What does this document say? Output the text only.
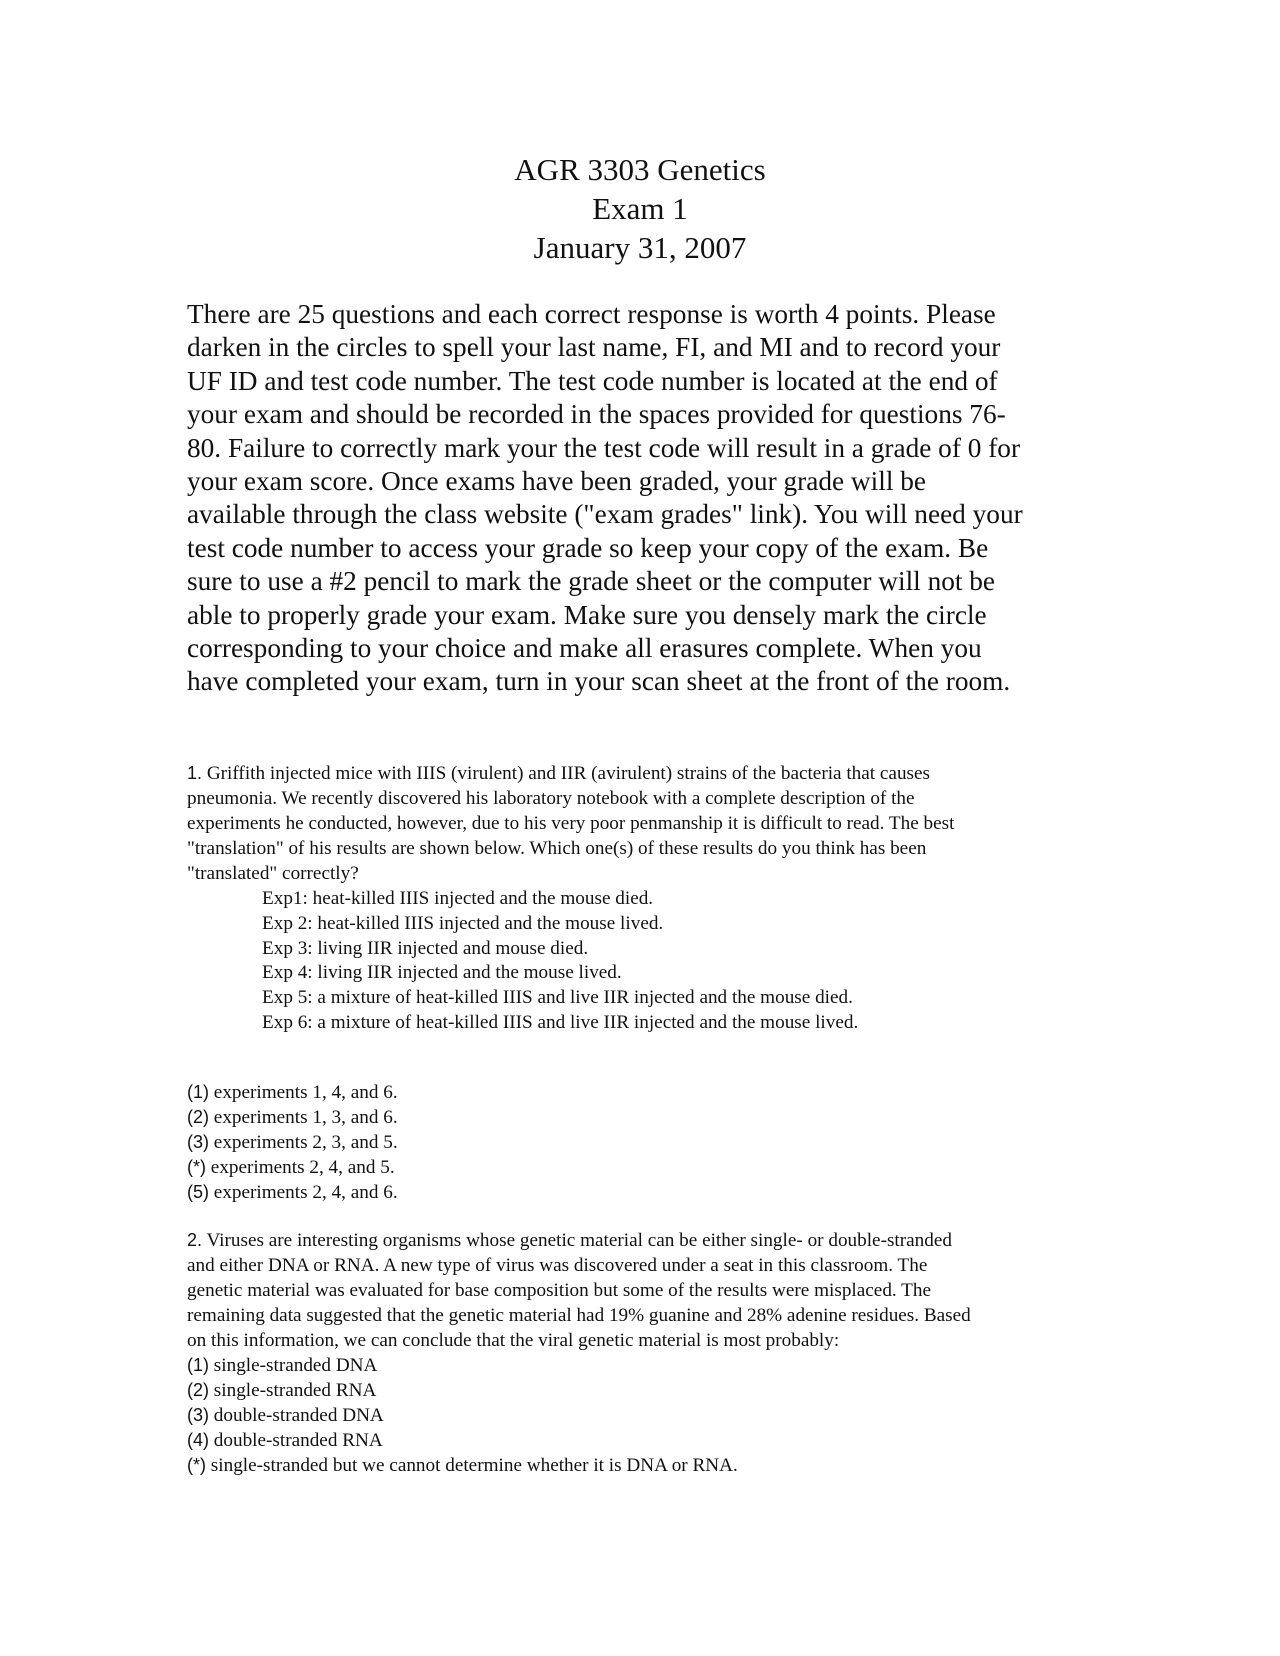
AGR 3303 Genetics
Exam 1
January 31, 2007
There are 25 questions and each correct response is worth 4 points. Please
darken in the circles to spell your last name, FI, and MI and to record your
UF ID and test code number. The test code number is located at the end of
your exam and should be recorded in the spaces provided for questions 76-
80. Failure to correctly mark your the test code will result in a grade of 0 for
your exam score. Once exams have been graded, your grade will be
available through the class website ("exam grades" link). You will need your
test code number to access your grade so keep your copy of the exam. Be
sure to use a #2 pencil to mark the grade sheet or the computer will not be
able to properly grade your exam. Make sure you densely mark the circle
corresponding to your choice and make all erasures complete. When you
have completed your exam, turn in your scan sheet at the front of the room.
1. Griffith injected mice with IIIS (virulent) and IIR (avirulent) strains of the bacteria that causes
pneumonia. We recently discovered his laboratory notebook with a complete description of the
experiments he conducted, however, due to his very poor penmanship it is difficult to read. The best
"translation" of his results are shown below. Which one(s) of these results do you think has been
"translated" correctly?
Exp1: heat-killed IIIS injected and the mouse died.
Exp 2: heat-killed IIIS injected and the mouse lived.
Exp 3: living IIR injected and mouse died.
Exp 4: living IIR injected and the mouse lived.
Exp 5: a mixture of heat-killed IIIS and live IIR injected and the mouse died.
Exp 6: a mixture of heat-killed IIIS and live IIR injected and the mouse lived.
(1) experiments 1, 4, and 6.
(2) experiments 1, 3, and 6.
(3) experiments 2, 3, and 5.
(*) experiments 2, 4, and 5.
(5) experiments 2, 4, and 6.
2. Viruses are interesting organisms whose genetic material can be either single- or double-stranded
and either DNA or RNA. A new type of virus was discovered under a seat in this classroom. The
genetic material was evaluated for base composition but some of the results were misplaced. The
remaining data suggested that the genetic material had 19% guanine and 28% adenine residues. Based
on this information, we can conclude that the viral genetic material is most probably:
(1) single-stranded DNA
(2) single-stranded RNA
(3) double-stranded DNA
(4) double-stranded RNA
(*) single-stranded but we cannot determine whether it is DNA or RNA.
